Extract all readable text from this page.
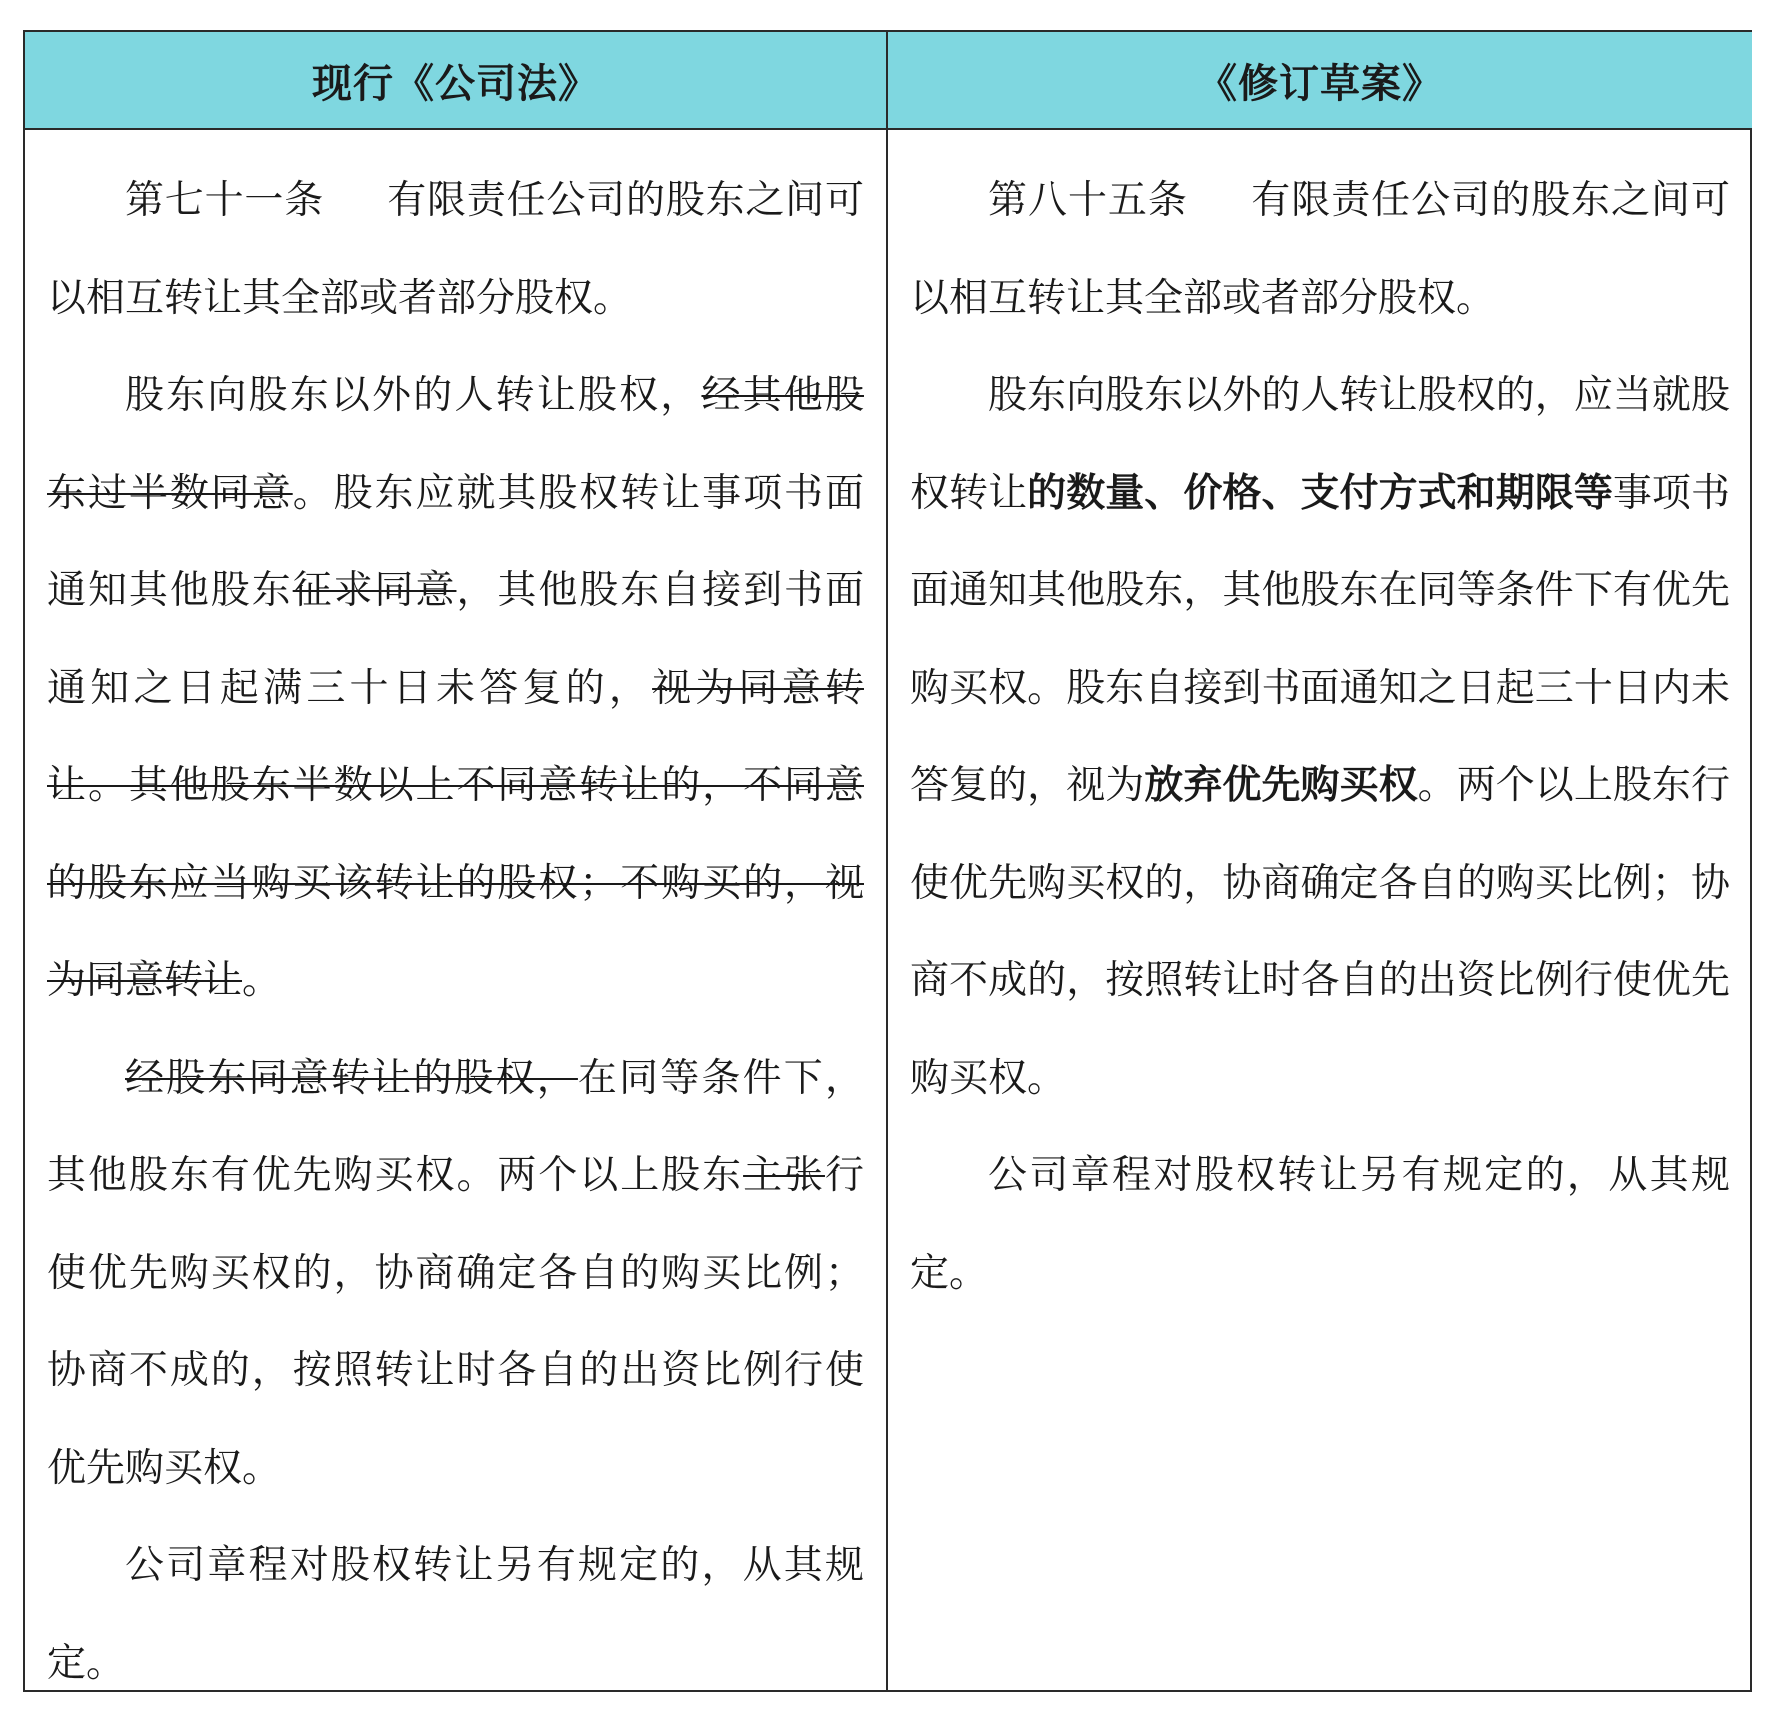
现行《公司法》	《修订草案》

第七十一条 有限责任公司的股东之间可以相互转让其全部或者部分股权。

股东向股东以外的人转让股权，经其他股东过半数同意。股东应就其股权转让事项书面通知其他股东征求同意，其他股东自接到书面通知之日起满三十日未答复的，视为同意转让。其他股东半数以上不同意转让的，不同意的股东应当购买该转让的股权；不购买的，视为同意转让。

经股东同意转让的股权，在同等条件下，其他股东有优先购买权。两个以上股东主张行使优先购买权的，协商确定各自的购买比例；协商不成的，按照转让时各自的出资比例行使优先购买权。

公司章程对股权转让另有规定的，从其规定。

第八十五条 有限责任公司的股东之间可以相互转让其全部或者部分股权。

股东向股东以外的人转让股权的，应当就股权转让的数量、价格、支付方式和期限等事项书面通知其他股东，其他股东在同等条件下有优先购买权。股东自接到书面通知之日起三十日内未答复的，视为放弃优先购买权。两个以上股东行使优先购买权的，协商确定各自的购买比例；协商不成的，按照转让时各自的出资比例行使优先购买权。

公司章程对股权转让另有规定的，从其规定。
